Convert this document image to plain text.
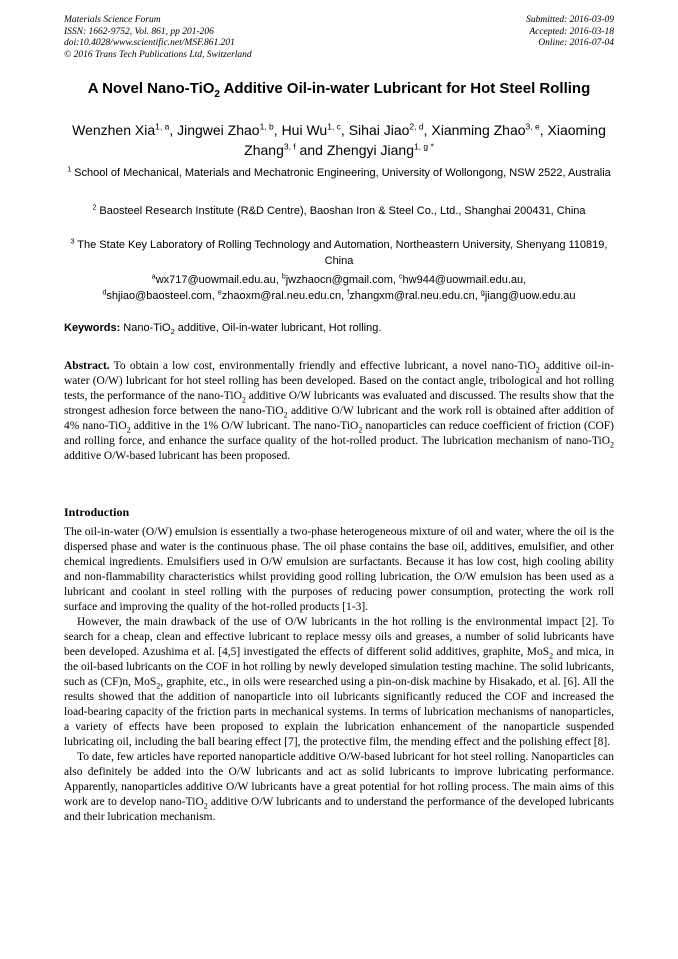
Materials Science Forum
ISSN: 1662-9752, Vol. 861, pp 201-206
doi:10.4028/www.scientific.net/MSF.861.201
© 2016 Trans Tech Publications Ltd, Switzerland
Submitted: 2016-03-09
Accepted: 2016-03-18
Online: 2016-07-04
A Novel Nano-TiO$_2$ Additive Oil-in-water Lubricant for Hot Steel Rolling
Wenzhen Xia$^{1, a}$, Jingwei Zhao$^{1, b}$, Hui Wu$^{1, c}$, Sihai Jiao$^{2, d}$, Xianming Zhao$^{3, e}$, Xiaoming Zhang$^{3, f}$ and Zhengyi Jiang$^{1, g *}$
$^1$ School of Mechanical, Materials and Mechatronic Engineering, University of Wollongong, NSW 2522, Australia
$^2$ Baosteel Research Institute (R&D Centre), Baoshan Iron & Steel Co., Ltd., Shanghai 200431, China
$^3$ The State Key Laboratory of Rolling Technology and Automation, Northeastern University, Shenyang 110819, China
$^a$wx717@uowmail.edu.au, $^b$jwzhaocn@gmail.com, $^c$hw944@uowmail.edu.au,
$^d$shjiao@baosteel.com, $^e$zhaoxm@ral.neu.edu.cn, $^f$zhangxm@ral.neu.edu.cn, $^g$jiang@uow.edu.au
Keywords: Nano-TiO$_2$ additive, Oil-in-water lubricant, Hot rolling.

Abstract. To obtain a low cost, environmentally friendly and effective lubricant, a novel nano-TiO$_2$ additive oil-in-water (O/W) lubricant for hot steel rolling has been developed. Based on the contact angle, tribological and hot rolling tests, the performance of the nano-TiO$_2$ additive O/W lubricants was evaluated and discussed. The results show that the strongest adhesion force between the nano-TiO$_2$ additive O/W lubricant and the work roll is obtained after addition of 4% nano-TiO$_2$ additive in the 1% O/W lubricant. The nano-TiO$_2$ nanoparticles can reduce coefficient of friction (COF) and rolling force, and enhance the surface quality of the hot-rolled product. The lubrication mechanism of nano-TiO$_2$ additive O/W-based lubricant has been proposed.

Introduction

The oil-in-water (O/W) emulsion is essentially a two-phase heterogeneous mixture of oil and water, where the oil is the dispersed phase and water is the continuous phase. The oil phase contains the base oil, additives, emulsifier, and other chemical ingredients. Emulsifiers used in O/W emulsion are surfactants. Because it has low cost, high cooling ability and non-flammability characteristics whilst providing good rolling lubrication, the O/W emulsion has been used as a lubricant and coolant in steel rolling with the purposes of reducing power consumption, protecting the work roll surface and improving the quality of the hot-rolled products [1-3].

However, the main drawback of the use of O/W lubricants in the hot rolling is the environmental impact [2]. To search for a cheap, clean and effective lubricant to replace messy oils and greases, a number of solid lubricants have been developed. Azushima et al. [4,5] investigated the effects of different solid additives, graphite, MoS$_2$ and mica, in the oil-based lubricants on the COF in hot rolling by newly developed simulation testing machine. The solid lubricants, such as (CF)n, MoS$_2$, graphite, etc., in oils were researched using a pin-on-disk machine by Hisakado, et al. [6]. All the results showed that the addition of nanoparticle into oil lubricants significantly reduced the COF and increased the load-bearing capacity of the friction parts in mechanical systems. In terms of lubrication mechanisms of nanoparticles, a variety of effects have been proposed to explain the lubrication enhancement of the nanoparticle suspended lubricating oil, including the ball bearing effect [7], the protective film, the mending effect and the polishing effect [8].

To date, few articles have reported nanoparticle additive O/W-based lubricant for hot steel rolling. Nanoparticles can also definitely be added into the O/W lubricants and act as solid lubricants to improve lubricating performance. Apparently, nanoparticles additive O/W lubricants have a great potential for hot rolling process. The main aims of this work are to develop nano-TiO$_2$ additive O/W lubricants and to understand the performance of the developed lubricants and their lubrication mechanism.
